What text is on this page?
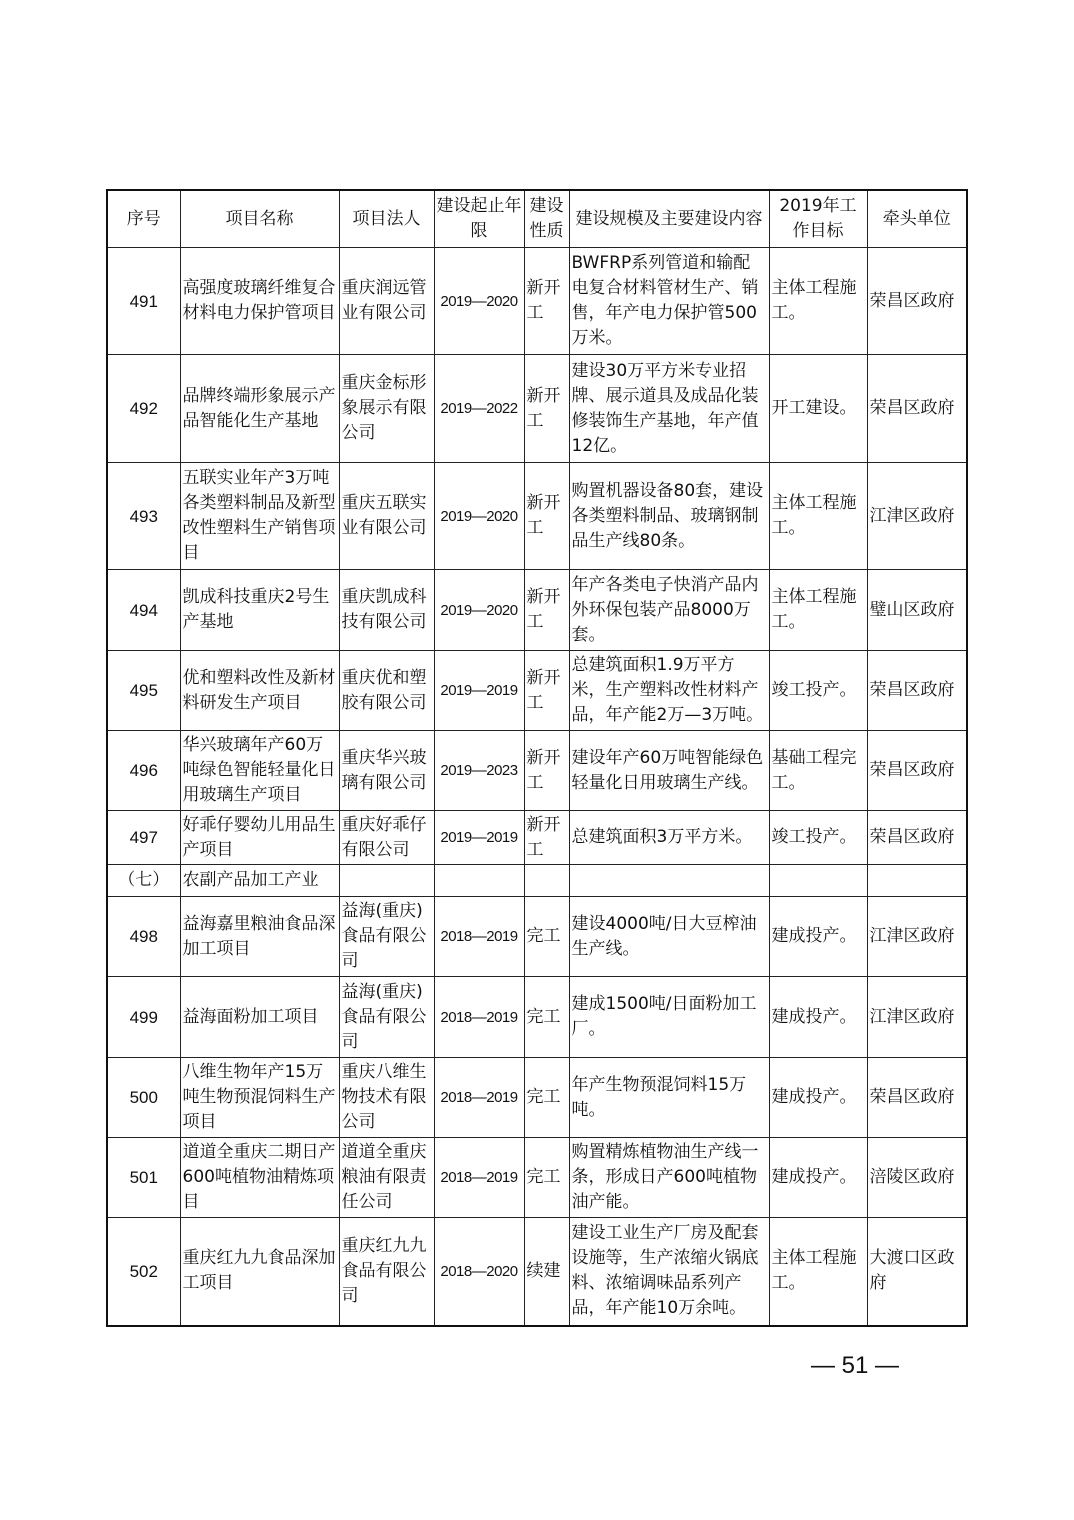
序号	项目名称	项目法人	建设起止年限	建设性质	建设规模及主要建设内容	2019年工作目标	牵头单位
491	高强度玻璃纤维复合材料电力保护管项目	重庆润远管业有限公司	2019—2020	新开工	BWFRP系列管道和输配电复合材料管材生产、销售，年产电力保护管500万米。	主体工程施工。	荣昌区政府
492	品牌终端形象展示产品智能化生产基地	重庆金标形象展示有限公司	2019—2022	新开工	建设30万平方米专业招牌、展示道具及成品化装修装饰生产基地，年产值12亿。	开工建设。	荣昌区政府
493	五联实业年产3万吨各类塑料制品及新型改性塑料生产销售项目	重庆五联实业有限公司	2019—2020	新开工	购置机器设备80套，建设各类塑料制品、玻璃钢制品生产线80条。	主体工程施工。	江津区政府
494	凯成科技重庆2号生产基地	重庆凯成科技有限公司	2019—2020	新开工	年产各类电子快消产品内外环保包装产品8000万套。	主体工程施工。	璧山区政府
495	优和塑料改性及新材料研发生产项目	重庆优和塑胶有限公司	2019—2019	新开工	总建筑面积1.9万平方米，生产塑料改性材料产品，年产能2万—3万吨。	竣工投产。	荣昌区政府
496	华兴玻璃年产60万吨绿色智能轻量化日用玻璃生产项目	重庆华兴玻璃有限公司	2019—2023	新开工	建设年产60万吨智能绿色轻量化日用玻璃生产线。	基础工程完工。	荣昌区政府
497	好乖仔婴幼儿用品生产项目	重庆好乖仔有限公司	2019—2019	新开工	总建筑面积3万平方米。	竣工投产。	荣昌区政府
（七）	农副产品加工产业						
498	益海嘉里粮油食品深加工项目	益海(重庆)食品有限公司	2018—2019	完工	建设4000吨/日大豆榨油生产线。	建成投产。	江津区政府
499	益海面粉加工项目	益海(重庆)食品有限公司	2018—2019	完工	建成1500吨/日面粉加工厂。	建成投产。	江津区政府
500	八维生物年产15万吨生物预混饲料生产项目	重庆八维生物技术有限公司	2018—2019	完工	年产生物预混饲料15万吨。	建成投产。	荣昌区政府
501	道道全重庆二期日产600吨植物油精炼项目	道道全重庆粮油有限责任公司	2018—2019	完工	购置精炼植物油生产线一条，形成日产600吨植物油产能。	建成投产。	涪陵区政府
502	重庆红九九食品深加工项目	重庆红九九食品有限公司	2018—2020	续建	建设工业生产厂房及配套设施等，生产浓缩火锅底料、浓缩调味品系列产品，年产能10万余吨。	主体工程施工。	大渡口区政府
— 51 —
